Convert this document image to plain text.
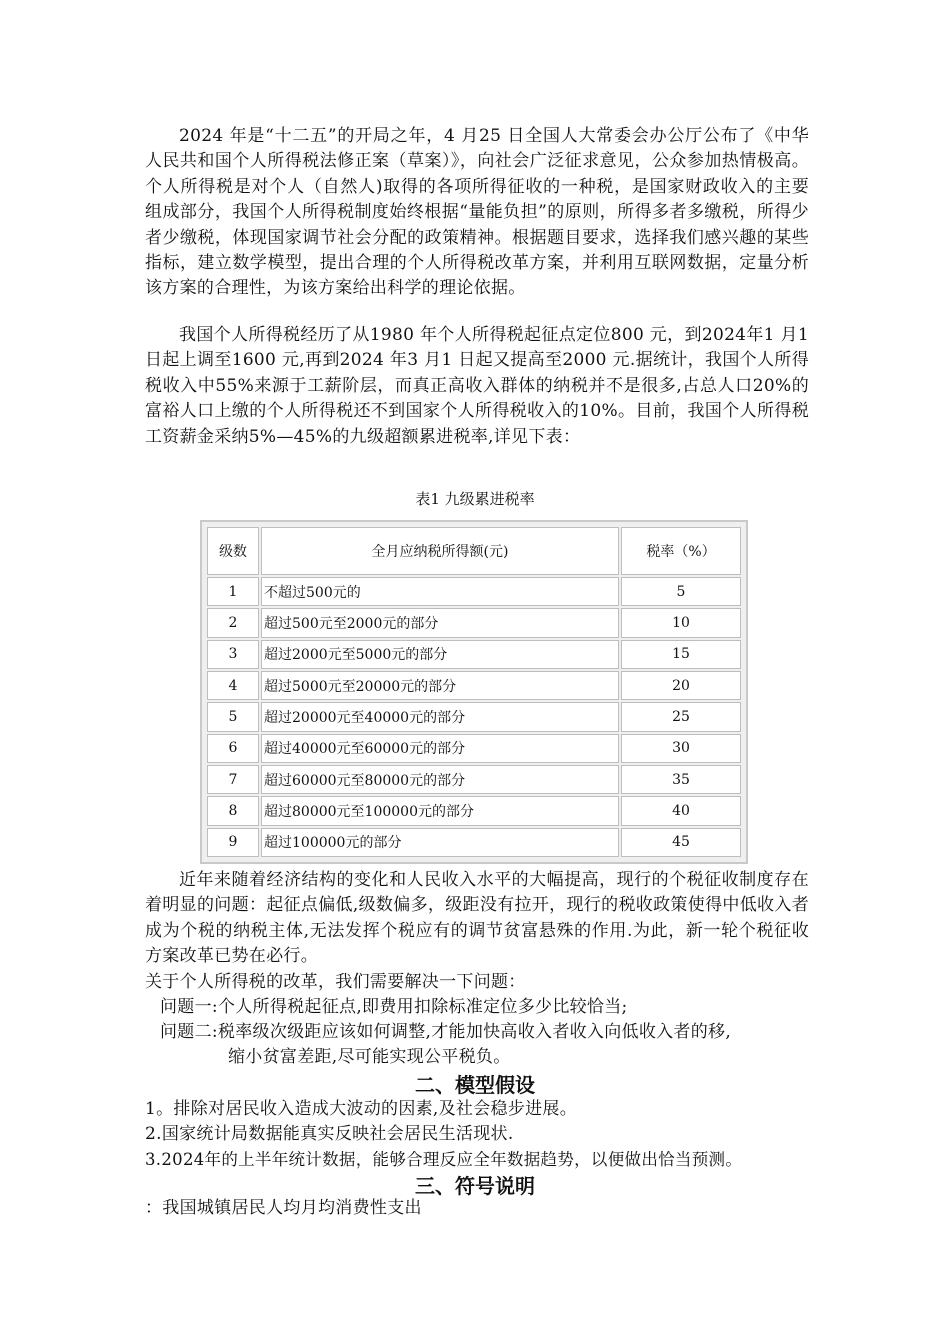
2024 年是“十二五”的开局之年，4 月25 日全国人大常委会办公厅公布了《中华人民共和国个人所得税法修正案（草案）》，向社会广泛征求意见，公众参加热情极高。个人所得税是对个人（自然人)取得的各项所得征收的一种税，是国家财政收入的主要组成部分，我国个人所得税制度始终根据“量能负担”的原则，所得多者多缴税，所得少者少缴税，体现国家调节社会分配的政策精神。根据题目要求，选择我们感兴趣的某些指标，建立数学模型，提出合理的个人所得税改革方案，并利用互联网数据，定量分析该方案的合理性，为该方案给出科学的理论依据。

我国个人所得税经历了从1980 年个人所得税起征点定位800 元，到2024年1 月1 日起上调至1600 元,再到2024 年3 月1 日起又提高至2000 元.据统计，我国个人所得税收入中55%来源于工薪阶层，而真正高收入群体的纳税并不是很多,占总人口20%的富裕人口上缴的个人所得税还不到国家个人所得税收入的10%。目前，我国个人所得税工资薪金采纳5%—45%的九级超额累进税率,详见下表：

表1 九级累进税率
级数	全月应纳税所得额(元)	税率（%）
1	不超过500元的	5
2	超过500元至2000元的部分	10
3	超过2000元至5000元的部分	15
4	超过5000元至20000元的部分	20
5	超过20000元至40000元的部分	25
6	超过40000元至60000元的部分	30
7	超过60000元至80000元的部分	35
8	超过80000元至100000元的部分	40
9	超过100000元的部分	45

近年来随着经济结构的变化和人民收入水平的大幅提高，现行的个税征收制度存在着明显的问题：起征点偏低,级数偏多，级距没有拉开，现行的税收政策使得中低收入者成为个税的纳税主体,无法发挥个税应有的调节贫富悬殊的作用.为此，新一轮个税征收方案改革已势在必行。

关于个人所得税的改革，我们需要解决一下问题：

问题一:个人所得税起征点,即费用扣除标准定位多少比较恰当;

问题二:税率级次级距应该如何调整,才能加快高收入者收入向低收入者的移,

缩小贫富差距,尽可能实现公平税负。

二、模型假设

1。排除对居民收入造成大波动的因素,及社会稳步进展。

2.国家统计局数据能真实反映社会居民生活现状.

3.2024年的上半年统计数据，能够合理反应全年数据趋势，以便做出恰当预测。

三、符号说明

：我国城镇居民人均月均消费性支出
